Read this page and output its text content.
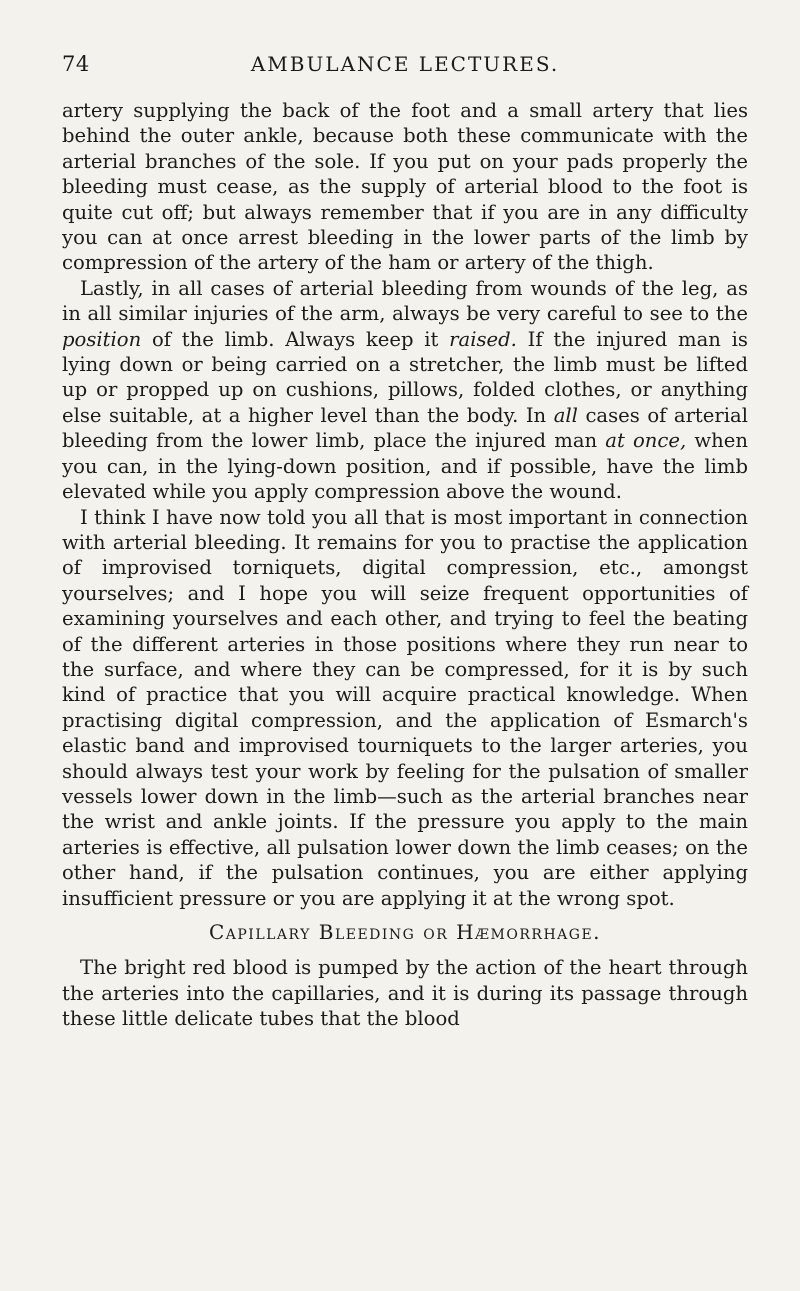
74	AMBULANCE LECTURES.

artery supplying the back of the foot and a small artery that lies behind the outer ankle, because both these communicate with the arterial branches of the sole. If you put on your pads properly the bleeding must cease, as the supply of arterial blood to the foot is quite cut off; but always remember that if you are in any difficulty you can at once arrest bleeding in the lower parts of the limb by compression of the artery of the ham or artery of the thigh.

Lastly, in all cases of arterial bleeding from wounds of the leg, as in all similar injuries of the arm, always be very careful to see to the position of the limb. Always keep it raised. If the injured man is lying down or being carried on a stretcher, the limb must be lifted up or propped up on cushions, pillows, folded clothes, or anything else suitable, at a higher level than the body. In all cases of arterial bleeding from the lower limb, place the injured man at once, when you can, in the lying-down position, and if possible, have the limb elevated while you apply compression above the wound.

I think I have now told you all that is most important in connection with arterial bleeding. It remains for you to practise the application of improvised torniquets, digital compression, etc., amongst yourselves; and I hope you will seize frequent opportunities of examining yourselves and each other, and trying to feel the beating of the different arteries in those positions where they run near to the surface, and where they can be compressed, for it is by such kind of practice that you will acquire practical knowledge. When practising digital compression, and the application of Esmarch's elastic band and improvised tourniquets to the larger arteries, you should always test your work by feeling for the pulsation of smaller vessels lower down in the limb—such as the arterial branches near the wrist and ankle joints. If the pressure you apply to the main arteries is effective, all pulsation lower down the limb ceases; on the other hand, if the pulsation continues, you are either applying insufficient pressure or you are applying it at the wrong spot.

Capillary Bleeding or Hæmorrhage.

The bright red blood is pumped by the action of the heart through the arteries into the capillaries, and it is during its passage through these little delicate tubes that the blood
